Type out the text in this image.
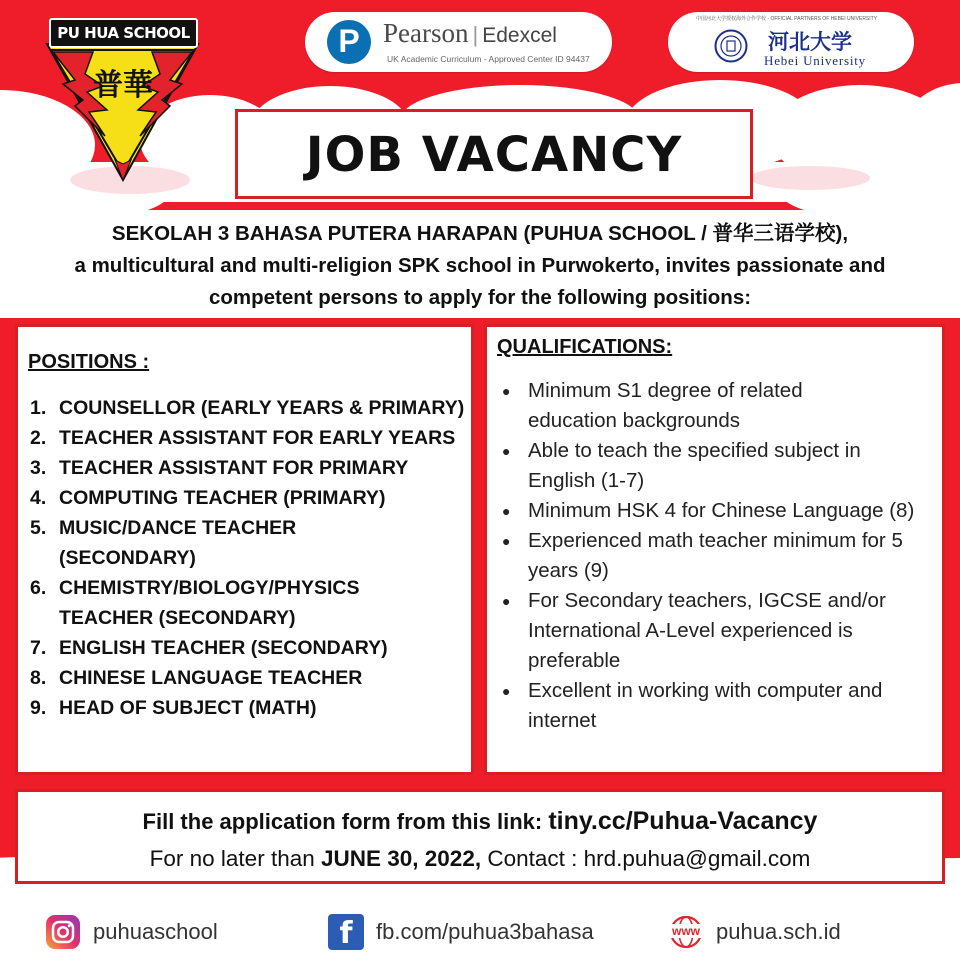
PU HUA SCHOOL
普華
P Pearson | Edexcel
UK Academic Curriculum - Approved Center ID 94437
中国河北大学授权海外合作学校 · OFFICIAL PARTNERS OF HEBEI UNIVERSITY
河北大学
Hebei University
JOB VACANCY
SEKOLAH 3 BAHASA PUTERA HARAPAN (PUHUA SCHOOL / 普华三语学校),
a multicultural and multi-religion SPK school in Purwokerto, invites passionate and
competent persons to apply for the following positions:
POSITIONS :
1. COUNSELLOR (EARLY YEARS & PRIMARY)
2. TEACHER ASSISTANT FOR EARLY YEARS
3. TEACHER ASSISTANT FOR PRIMARY
4. COMPUTING TEACHER (PRIMARY)
5. MUSIC/DANCE TEACHER (SECONDARY)
6. CHEMISTRY/BIOLOGY/PHYSICS TEACHER (SECONDARY)
7. ENGLISH TEACHER (SECONDARY)
8. CHINESE LANGUAGE TEACHER
9. HEAD OF SUBJECT (MATH)
QUALIFICATIONS:
● Minimum S1 degree of related education backgrounds
● Able to teach the specified subject in English (1-7)
● Minimum HSK 4 for Chinese Language (8)
● Experienced math teacher minimum for 5 years (9)
● For Secondary teachers, IGCSE and/or International A-Level experienced is preferable
● Excellent in working with computer and internet
Fill the application form from this link: tiny.cc/Puhua-Vacancy
For no later than JUNE 30, 2022, Contact : hrd.puhua@gmail.com
puhuaschool	f	fb.com/puhua3bahasa	www puhua.sch.id
